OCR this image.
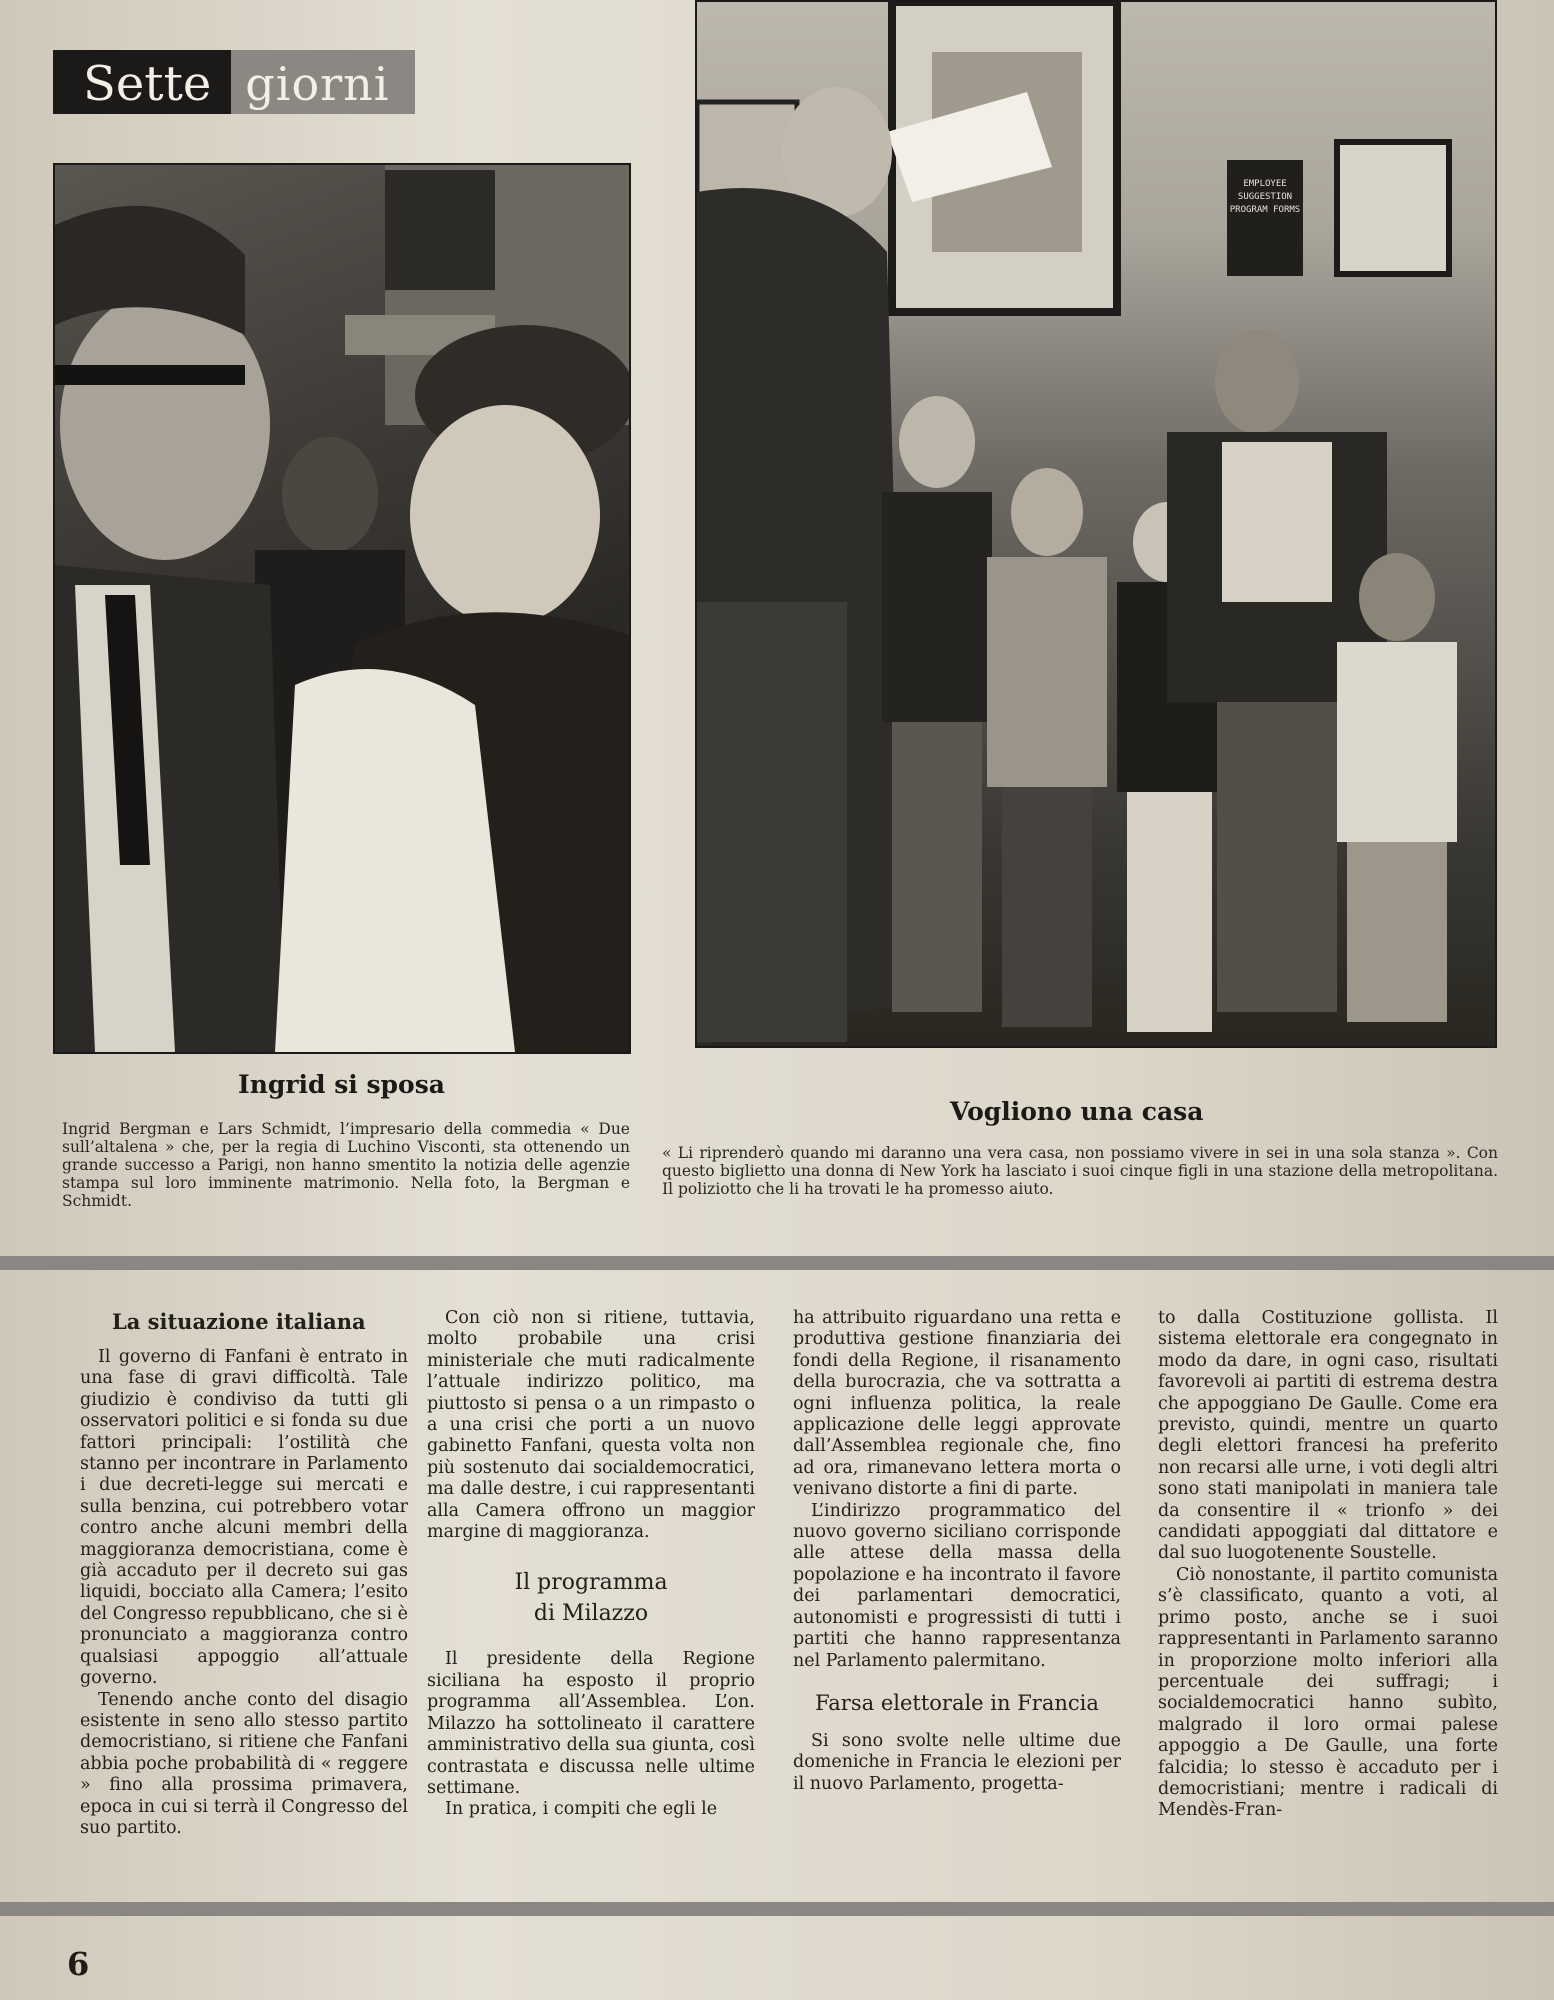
Sette giorni
EMPLOYEE SUGGESTION PROGRAM FORMS
Ingrid si sposa
Ingrid Bergman e Lars Schmidt, l’impresario della commedia « Due sull’altalena » che, per la regia di Luchino Visconti, sta ottenendo un grande successo a Parigi, non hanno smentito la notizia delle agenzie stampa sul loro imminente matrimonio. Nella foto, la Bergman e Schmidt.
Vogliono una casa
« Li riprenderò quando mi daranno una vera casa, non possiamo vivere in sei in una sola stanza ». Con questo biglietto una donna di New York ha lasciato i suoi cinque figli in una stazione della metropolitana. Il poliziotto che li ha trovati le ha promesso aiuto.
La situazione italiana

Il governo di Fanfani è entrato in una fase di gravi difficoltà. Tale giudizio è condiviso da tutti gli osservatori politici e si fonda su due fattori principali: l’ostilità che stanno per incontrare in Parlamento i due decreti-legge sui mercati e sulla benzina, cui potrebbero votar contro anche alcuni membri della maggioranza democristiana, come è già accaduto per il decreto sui gas liquidi, bocciato alla Camera; l’esito del Congresso repubblicano, che si è pronunciato a maggioranza contro qualsiasi appoggio all’attuale governo.

Tenendo anche conto del disagio esistente in seno allo stesso partito democristiano, si ritiene che Fanfani abbia poche probabilità di « reggere » fino alla prossima primavera, epoca in cui si terrà il Congresso del suo partito.

Con ciò non si ritiene, tuttavia, molto probabile una crisi ministeriale che muti radicalmente l’attuale indirizzo politico, ma piuttosto si pensa o a un rimpasto o a una crisi che porti a un nuovo gabinetto Fanfani, questa volta non più sostenuto dai socialdemocratici, ma dalle destre, i cui rappresentanti alla Camera offrono un maggior margine di maggioranza.

Il programma
di Milazzo

Il presidente della Regione siciliana ha esposto il proprio programma all’Assemblea. L’on. Milazzo ha sottolineato il carattere amministrativo della sua giunta, così contrastata e discussa nelle ultime settimane.

In pratica, i compiti che egli le

ha attribuito riguardano una retta e produttiva gestione finanziaria dei fondi della Regione, il risanamento della burocrazia, che va sottratta a ogni influenza politica, la reale applicazione delle leggi approvate dall’Assemblea regionale che, fino ad ora, rimanevano lettera morta o venivano distorte a fini di parte.

L’indirizzo programmatico del nuovo governo siciliano corrisponde alle attese della massa della popolazione e ha incontrato il favore dei parlamentari democratici, autonomisti e progressisti di tutti i partiti che hanno rappresentanza nel Parlamento palermitano.

Farsa elettorale in Francia

Si sono svolte nelle ultime due domeniche in Francia le elezioni per il nuovo Parlamento, progetta-

to dalla Costituzione gollista. Il sistema elettorale era congegnato in modo da dare, in ogni caso, risultati favorevoli ai partiti di estrema destra che appoggiano De Gaulle. Come era previsto, quindi, mentre un quarto degli elettori francesi ha preferito non recarsi alle urne, i voti degli altri sono stati manipolati in maniera tale da consentire il « trionfo » dei candidati appoggiati dal dittatore e dal suo luogotenente Soustelle.

Ciò nonostante, il partito comunista s’è classificato, quanto a voti, al primo posto, anche se i suoi rappresentanti in Parlamento saranno in proporzione molto inferiori alla percentuale dei suffragi; i socialdemocratici hanno subìto, malgrado il loro ormai palese appoggio a De Gaulle, una forte falcidia; lo stesso è accaduto per i democristiani; mentre i radicali di Mendès-Fran-

6
